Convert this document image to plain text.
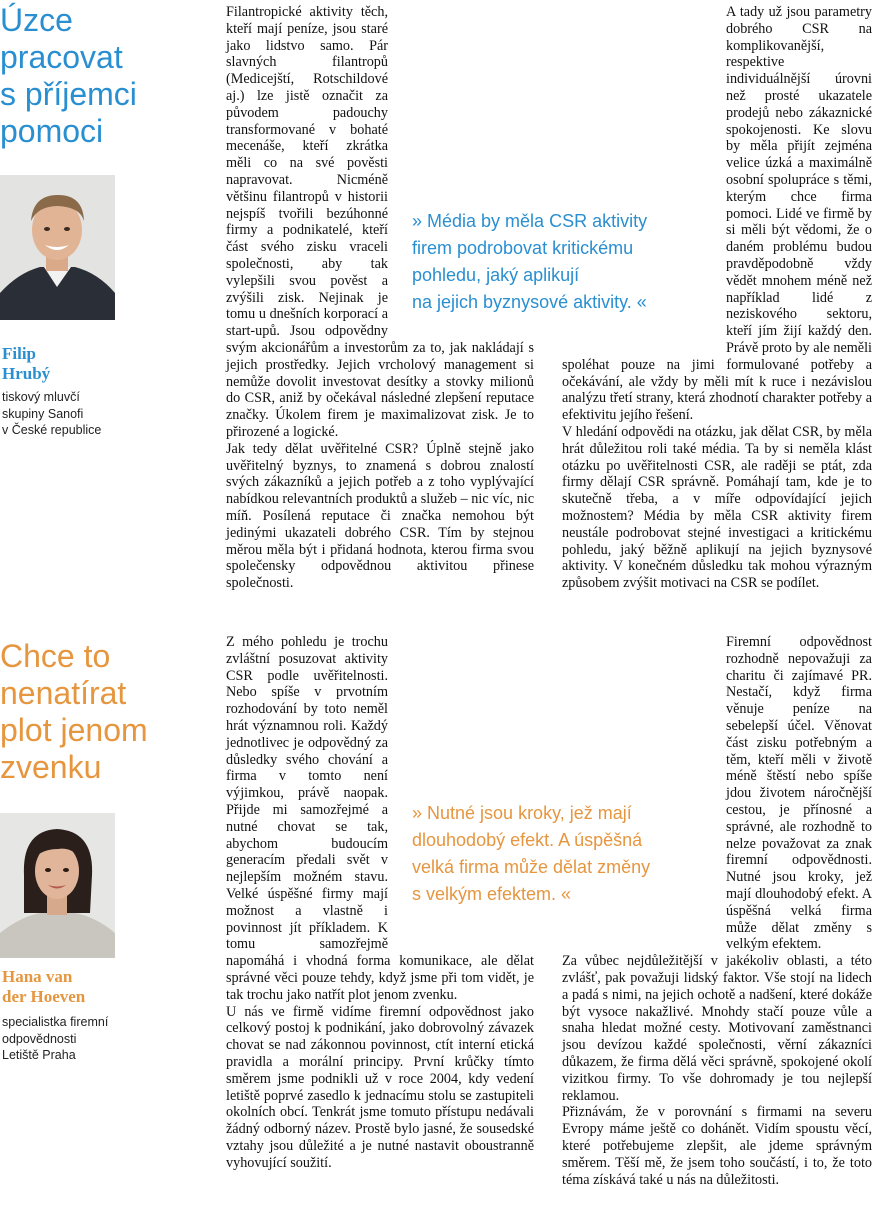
Úzce
pracovat
s příjemci
pomoci
Filip
Hrubý
tiskový mluvčí
skupiny Sanofi
v České republice

Filantropické aktivity těch, kteří mají peníze, jsou staré jako lidstvo samo. Pár slavných filantropů (Medicejští, Rotschildové aj.) lze jistě označit za původem padouchy transformované v bohaté mecenáše, kteří zkrátka měli co na své pověsti napravovat. Nicméně většinu filantropů v historii nejspíš tvořili bezúhonné firmy a podnikatelé, kteří část svého zisku vraceli společnosti, aby tak vylepšili svou pověst a zvýšili zisk. Nejinak je tomu u dnešních korporací a start-upů. Jsou odpovědny svým akcionářům a investorům za to, jak nakládají s jejich prostředky. Jejich vrcholový management si nemůže dovolit investovat desítky a stovky milionů do CSR, aniž by očekával následné zlepšení reputace značky. Úkolem firem je maximalizovat zisk. Je to přirozené a logické.

Jak tedy dělat uvěřitelné CSR? Úplně stejně jako uvěřitelný byznys, to znamená s dobrou znalostí svých zákazníků a jejich potřeb a z toho vyplývající nabídkou relevantních produktů a služeb – nic víc, nic míň. Posílená reputace či značka nemohou být jedinými ukazateli dobrého CSR. Tím by stejnou měrou měla být i přidaná hodnota, kterou firma svou společensky odpovědnou aktivitou přinese společnosti.

A tady už jsou parametry dobrého CSR na komplikovanější, respektive individuálnější úrovni než prosté ukazatele prodejů nebo zákaznické spokojenosti. Ke slovu by měla přijít zejména velice úzká a maximálně osobní spolupráce s těmi, kterým chce firma pomoci. Lidé ve firmě by si měli být vědomi, že o daném problému budou pravděpodobně vždy vědět mnohem méně než například lidé z neziskového sektoru, kteří jím žijí každý den. Právě proto by ale neměli spoléhat pouze na jimi formulované potřeby a očekávání, ale vždy by měli mít k ruce i nezávislou analýzu třetí strany, která zhodnotí charakter potřeby a efektivitu jejího řešení.

V hledání odpovědi na otázku, jak dělat CSR, by měla hrát důležitou roli také média. Ta by si neměla klást otázku po uvěřitelnosti CSR, ale raději se ptát, zda firmy dělají CSR správně. Pomáhají tam, kde je to skutečně třeba, a v míře odpovídající jejich možnostem? Média by měla CSR aktivity firem neustále podrobovat stejné investigaci a kritickému pohledu, jaký běžně aplikují na jejich byznysové aktivity. V konečném důsledku tak mohou výrazným způsobem zvýšit motivaci na CSR se podílet.

» Média by měla CSR aktivity
firem podrobovat kritickému
pohledu, jaký aplikují
na jejich byznysové aktivity. «
Chce to
nenatírat
plot jenom
zvenku
Hana van
der Hoeven
specialistka firemní
odpovědnosti
Letiště Praha

Z mého pohledu je trochu zvláštní posuzovat aktivity CSR podle uvěřitelnosti. Nebo spíše v prvotním rozhodování by toto neměl hrát významnou roli. Každý jednotlivec je odpovědný za důsledky svého chování a firma v tomto není výjimkou, právě naopak. Přijde mi samozřejmé a nutné chovat se tak, abychom budoucím generacím předali svět v nejlepším možném stavu. Velké úspěšné firmy mají možnost a vlastně i povinnost jít příkladem. K tomu samozřejmě napomáhá i vhodná forma komunikace, ale dělat správné věci pouze tehdy, když jsme při tom vidět, je tak trochu jako natřít plot jenom zvenku.

U nás ve firmě vidíme firemní odpovědnost jako celkový postoj k podnikání, jako dobrovolný závazek chovat se nad zákonnou povinnost, ctít interní etická pravidla a morální principy. První krůčky tímto směrem jsme podnikli už v roce 2004, kdy vedení letiště poprvé zasedlo k jednacímu stolu se zastupiteli okolních obcí. Tenkrát jsme tomuto přístupu nedávali žádný odborný název. Prostě bylo jasné, že sousedské vztahy jsou důležité a je nutné nastavit oboustranně vyhovující soužití.

Firemní odpovědnost rozhodně nepovažuji za charitu či zajímavé PR. Nestačí, když firma věnuje peníze na sebelepší účel. Věnovat část zisku potřebným a těm, kteří měli v životě méně štěstí nebo spíše jdou životem náročnější cestou, je přínosné a správné, ale rozhodně to nelze považovat za znak firemní odpovědnosti. Nutné jsou kroky, jež mají dlouhodobý efekt. A úspěšná velká firma může dělat změny s velkým efektem.

Za vůbec nejdůležitější v jakékoliv oblasti, a této zvlášť, pak považuji lidský faktor. Vše stojí na lidech a padá s nimi, na jejich ochotě a nadšení, které dokáže být vysoce nakažlivé. Mnohdy stačí pouze vůle a snaha hledat možné cesty. Motivovaní zaměstnanci jsou devízou každé společnosti, věrní zákazníci důkazem, že firma dělá věci správně, spokojené okolí vizitkou firmy. To vše dohromady je tou nejlepší reklamou.

Přiznávám, že v porovnání s firmami na severu Evropy máme ještě co dohánět. Vidím spoustu věcí, které potřebujeme zlepšit, ale jdeme správným směrem. Těší mě, že jsem toho součástí, i to, že toto téma získává také u nás na důležitosti.

» Nutné jsou kroky, jež mají
dlouhodobý efekt. A úspěšná
velká firma může dělat změny
s velkým efektem. «
